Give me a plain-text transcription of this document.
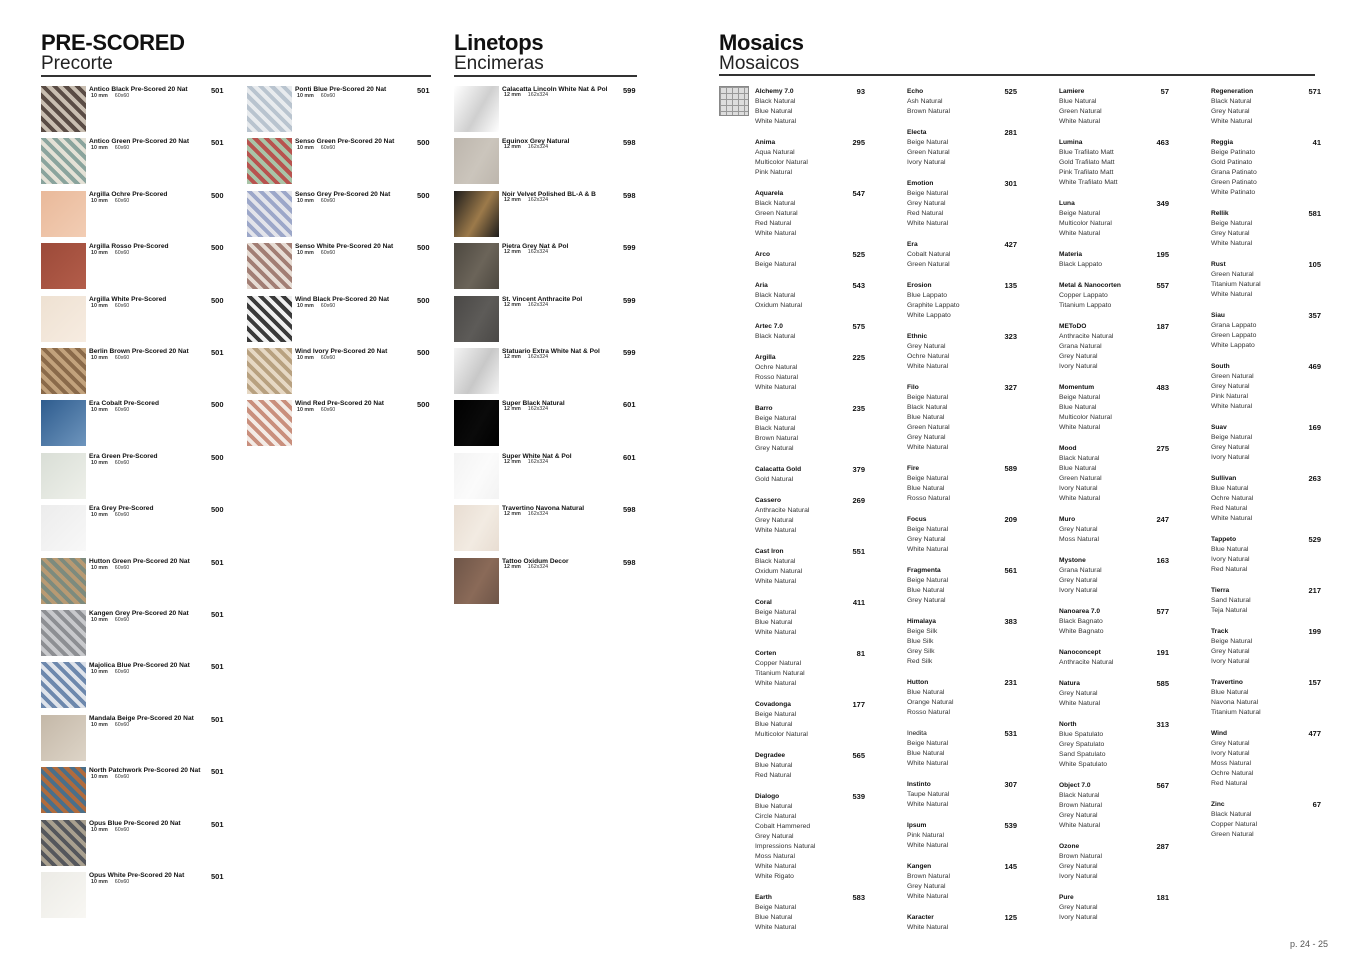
PRE-SCORED
Precorte
Linetops
Encimeras
Mosaics
Mosaicos
Antico Black Pre-Scored 20 Nat
10 mm 60x60
501
Antico Green Pre-Scored 20 Nat
10 mm 60x60
501
Argilla Ochre Pre-Scored
10 mm 60x60
500
Argilla Rosso Pre-Scored
10 mm 60x60
500
Argilla White Pre-Scored
10 mm 60x60
500
Berlin Brown Pre-Scored 20 Nat
10 mm 60x60
501
Era Cobalt Pre-Scored
10 mm 60x60
500
Era Green Pre-Scored
10 mm 60x60
500
Era Grey Pre-Scored
10 mm 60x60
500
Hutton Green Pre-Scored 20 Nat
10 mm 60x60
501
Kangen Grey Pre-Scored 20 Nat
10 mm 60x60
501
Majolica Blue Pre-Scored 20 Nat
10 mm 60x60
501
Mandala Beige Pre-Scored 20 Nat
10 mm 60x60
501
North Patchwork Pre-Scored 20 Nat
10 mm 60x60
501
Opus Blue Pre-Scored 20 Nat
10 mm 60x60
501
Opus White Pre-Scored 20 Nat
10 mm 60x60
501
Ponti Blue Pre-Scored 20 Nat
10 mm 60x60
501
Senso Green Pre-Scored 20 Nat
10 mm 60x60
500
Senso Grey Pre-Scored 20 Nat
10 mm 60x60
500
Senso White Pre-Scored 20 Nat
10 mm 60x60
500
Wind Black Pre-Scored 20 Nat
10 mm 60x60
500
Wind Ivory Pre-Scored 20 Nat
10 mm 60x60
500
Wind Red Pre-Scored 20 Nat
10 mm 60x60
500
Calacatta Lincoln White Nat & Pol
12 mm 162x324	599
Equinox Grey Natural
12 mm 162x324	598
Noir Velvet Polished BL-A & B
12 mm 162x324	598
Pietra Grey Nat & Pol
12 mm 162x324	599
St. Vincent Anthracite Pol
12 mm 162x324	599
Statuario Extra White Nat & Pol
12 mm 162x324	599
Super Black Natural
12 mm 162x324	601
Super White Nat & Pol
12 mm 162x324	601
Travertino Navona Natural
12 mm 162x324	598
Tattoo Oxidum Decor
12 mm 162x324	598
Alchemy 7.0	93
Black Natural
Blue Natural
White Natural
Anima	295
Aqua Natural
Multicolor Natural
Pink Natural
Aquarela	547
Black Natural
Green Natural
Red Natural
White Natural
Arco	525
Beige Natural
Aria	543
Black Natural
Oxidum Natural
Artec 7.0	575
Black Natural
Argilla	225
Ochre Natural
Rosso Natural
White Natural
Barro	235
Beige Natural
Black Natural
Brown Natural
Grey Natural
Calacatta Gold	379
Gold Natural
Cassero	269
Anthracite Natural
Grey Natural
White Natural
Cast Iron	551
Black Natural
Oxidum Natural
White Natural
Coral	411
Beige Natural
Blue Natural
White Natural
Corten	81
Copper Natural
Titanium Natural
White Natural
Covadonga	177
Beige Natural
Blue Natural
Multicolor Natural
Degradee	565
Blue Natural
Red Natural
Dialogo	539
Blue Natural
Circle Natural
Cobalt Hammered
Grey Natural
Impressions Natural
Moss Natural
White Natural
White Rigato
Earth	583
Beige Natural
Blue Natural
White Natural
Echo	525
Ash Natural
Brown Natural
Electa	281
Beige Natural
Green Natural
Ivory Natural
Emotion	301
Beige Natural
Grey Natural
Red Natural
White Natural
Era	427
Cobalt Natural
Green Natural
Erosion	135
Blue Lappato
Graphite Lappato
White Lappato
Ethnic	323
Grey Natural
Ochre Natural
White Natural
Filo	327
Beige Natural
Black Natural
Blue Natural
Green Natural
Grey Natural
White Natural
Fire	589
Beige Natural
Blue Natural
Rosso Natural
Focus	209
Beige Natural
Grey Natural
White Natural
Fragmenta	561
Beige Natural
Blue Natural
Grey Natural
Himalaya	383
Beige Silk
Blue Silk
Grey Silk
Red Silk
Hutton	231
Blue Natural
Orange Natural
Rosso Natural
Inedita	531
Beige Natural
Blue Natural
White Natural
Instinto	307
Taupe Natural
White Natural
Ipsum	539
Pink Natural
White Natural
Kangen	145
Brown Natural
Grey Natural
White Natural
Karacter	125
White Natural
Lamiere	57
Blue Natural
Green Natural
White Natural
Lumina	463
Blue Trafilato Matt
Gold Trafilato Matt
Pink Trafilato Matt
White Trafilato Matt
Luna	349
Beige Natural
Multicolor Natural
White Natural
Materia	195
Black Lappato
Metal & Nanocorten	557
Copper Lappato
Titanium Lappato
METoDO	187
Anthracite Natural
Grana Natural
Grey Natural
Ivory Natural
Momentum	483
Beige Natural
Blue Natural
Multicolor Natural
White Natural
Mood	275
Black Natural
Blue Natural
Green Natural
Ivory Natural
White Natural
Muro	247
Grey Natural
Moss Natural
Mystone	163
Grana Natural
Grey Natural
Ivory Natural
Nanoarea 7.0	577
Black Bagnato
White Bagnato
Nanoconcept	191
Anthracite Natural
Natura	585
Grey Natural
White Natural
North	313
Blue Spatulato
Grey Spatulato
Sand Spatulato
White Spatulato
Object 7.0	567
Black Natural
Brown Natural
Grey Natural
White Natural
Ozone	287
Brown Natural
Grey Natural
Ivory Natural
Pure	181
Grey Natural
Ivory Natural
Regeneration	571
Black Natural
Grey Natural
White Natural
Reggia	41
Beige Patinato
Gold Patinato
Grana Patinato
Green Patinato
White Patinato
Rellik	581
Beige Natural
Grey Natural
White Natural
Rust	105
Green Natural
Titanium Natural
White Natural
Siau	357
Grana Lappato
Green Lappato
White Lappato
South	469
Green Natural
Grey Natural
Pink Natural
White Natural
Suav	169
Beige Natural
Grey Natural
Ivory Natural
Sullivan	263
Blue Natural
Ochre Natural
Red Natural
White Natural
Tappeto	529
Blue Natural
Ivory Natural
Red Natural
Tierra	217
Sand Natural
Teja Natural
Track	199
Beige Natural
Grey Natural
Ivory Natural
Travertino	157
Blue Natural
Navona Natural
Titanium Natural
Wind	477
Grey Natural
Ivory Natural
Moss Natural
Ochre Natural
Red Natural
Zinc	67
Black Natural
Copper Natural
Green Natural
p. 24 - 25
